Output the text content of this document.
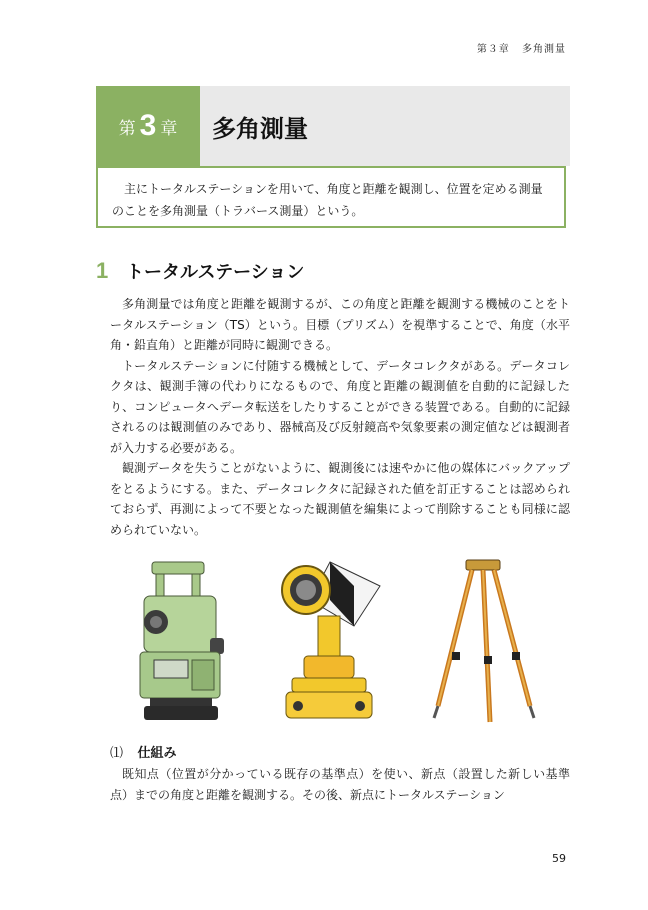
第３章 多角測量
第 3 章 多角測量

主にトータルステーションを用いて、角度と距離を観測し、位置を定める測量のことを多角測量（トラバース測量）という。

1 トータルステーション

多角測量では角度と距離を観測するが、この角度と距離を観測する機械のことをトータルステーション（TS）という。目標（プリズム）を視準することで、角度（水平角・鉛直角）と距離が同時に観測できる。

トータルステーションに付随する機械として、データコレクタがある。データコレクタは、観測手簿の代わりになるもので、角度と距離の観測値を自動的に記録したり、コンピュータへデータ転送をしたりすることができる装置である。自動的に記録されるのは観測値のみであり、器械高及び反射鏡高や気象要素の測定値などは観測者が入力する必要がある。

観測データを失うことがないように、観測後には速やかに他の媒体にバックアップをとるようにする。また、データコレクタに記録された値を訂正することは認められておらず、再測によって不要となった観測値を編集によって削除することも同様に認められていない。

⑴ 仕組み

既知点（位置が分かっている既存の基準点）を使い、新点（設置した新しい基準点）までの角度と距離を観測する。その後、新点にトータルステーション

59
